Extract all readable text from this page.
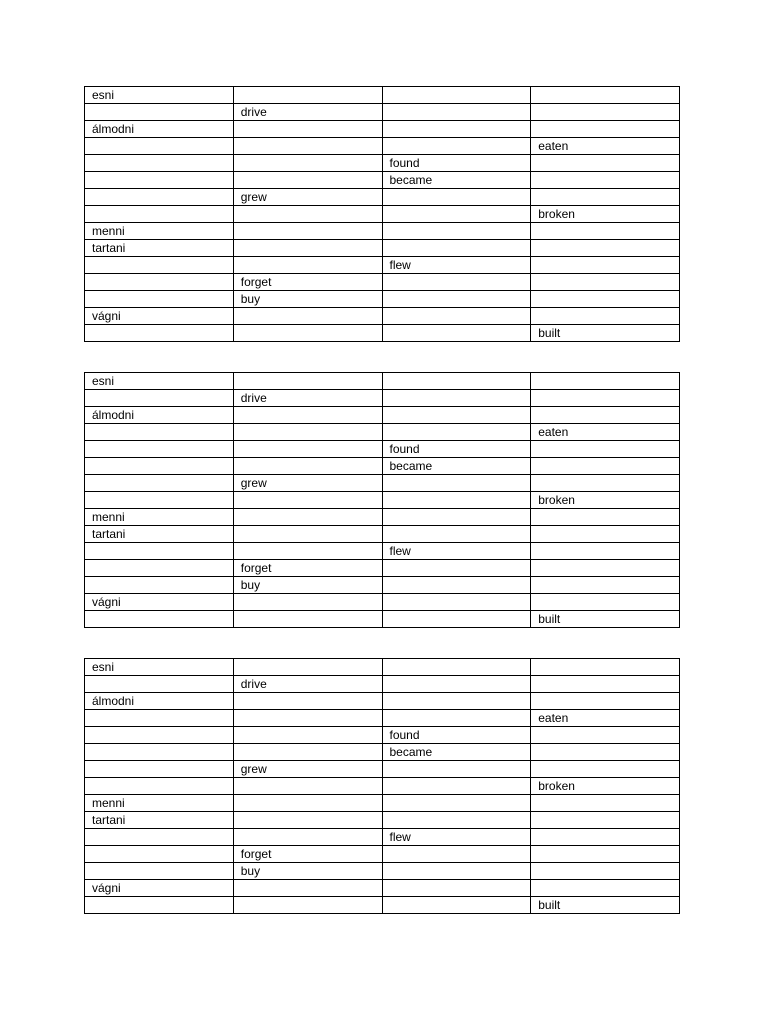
esni			
	drive		
álmodni			
			eaten
		found	
		became	
	grew		
			broken
menni			
tartani			
		flew	
	forget		
	buy		
vágni			
			built
esni			
	drive		
álmodni			
			eaten
		found	
		became	
	grew		
			broken
menni			
tartani			
		flew	
	forget		
	buy		
vágni			
			built
esni			
	drive		
álmodni			
			eaten
		found	
		became	
	grew		
			broken
menni			
tartani			
		flew	
	forget		
	buy		
vágni			
			built
